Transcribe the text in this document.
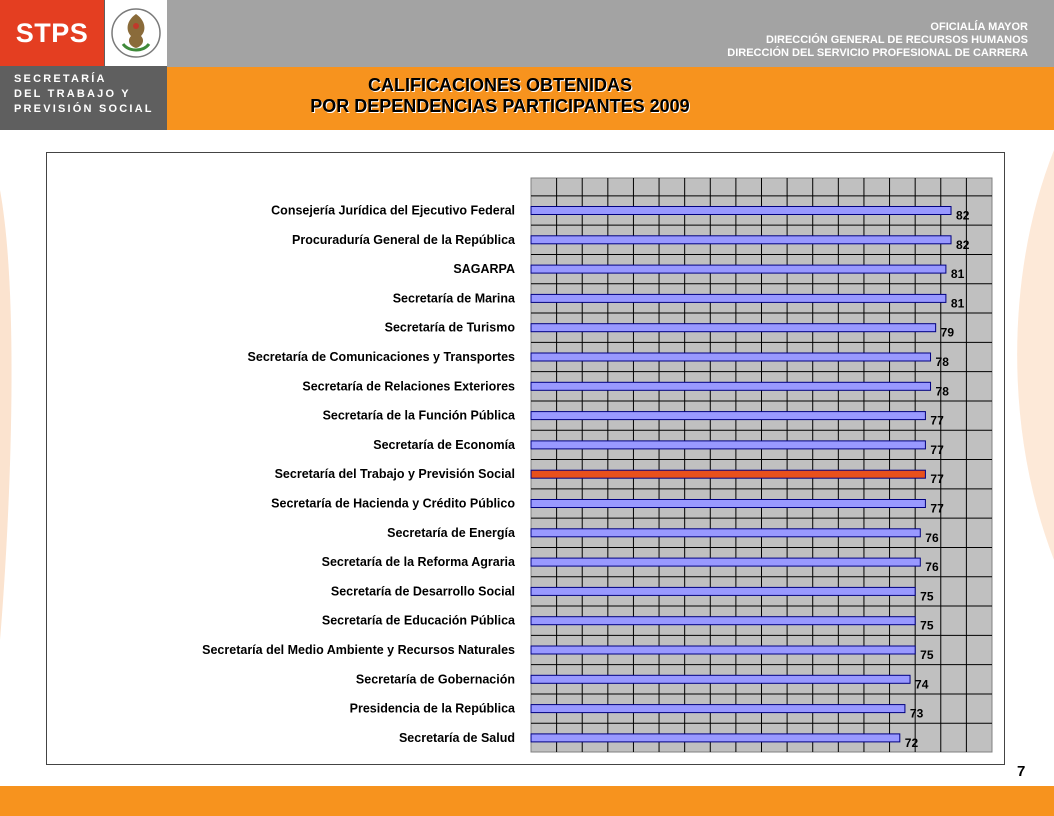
STPS
SECRETARÍA
DEL TRABAJO Y
PREVISIÓN SOCIAL
OFICIALÍA MAYOR
DIRECCIÓN GENERAL DE RECURSOS HUMANOS
DIRECCIÓN DEL SERVICIO PROFESIONAL DE CARRERA
CALIFICACIONES OBTENIDAS
POR DEPENDENCIAS PARTICIPANTES 2009
82
Consejería Jurídica del Ejecutivo Federal
82
Procuraduría General de la República
81
SAGARPA
81
Secretaría de Marina
79
Secretaría de Turismo
78
Secretaría de Comunicaciones y Transportes
78
Secretaría de Relaciones Exteriores
77
Secretaría de la Función Pública
77
Secretaría de Economía
77
Secretaría del Trabajo y Previsión Social
77
Secretaría de Hacienda y Crédito Público
76
Secretaría de Energía
76
Secretaría de la Reforma Agraria
75
Secretaría de Desarrollo Social
75
Secretaría de Educación Pública
75
Secretaría del Medio Ambiente y Recursos Naturales
74
Secretaría de Gobernación
73
Presidencia de la República
72
Secretaría de Salud
7
